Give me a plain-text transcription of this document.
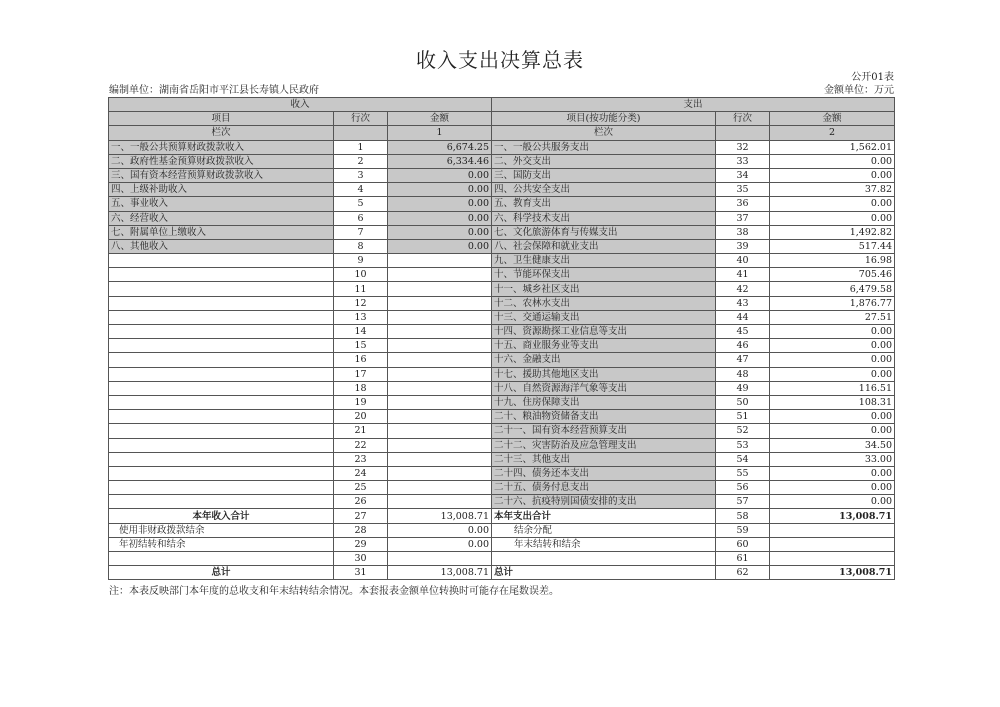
收入支出决算总表
公开01表
编制单位：湖南省岳阳市平江县长寿镇人民政府	金额单位：万元
收入			支出		
项目	行次	金额	项目(按功能分类)	行次	金额
栏次		1	栏次		2
一、一般公共预算财政拨款收入	1	6,674.25	一、一般公共服务支出	32	1,562.01
二、政府性基金预算财政拨款收入	2	6,334.46	二、外交支出	33	0.00
三、国有资本经营预算财政拨款收入	3	0.00	三、国防支出	34	0.00
四、上级补助收入	4	0.00	四、公共安全支出	35	37.82
五、事业收入	5	0.00	五、教育支出	36	0.00
六、经营收入	6	0.00	六、科学技术支出	37	0.00
七、附属单位上缴收入	7	0.00	七、文化旅游体育与传媒支出	38	1,492.82
八、其他收入	8	0.00	八、社会保障和就业支出	39	517.44
	9		九、卫生健康支出	40	16.98
	10		十、节能环保支出	41	705.46
	11		十一、城乡社区支出	42	6,479.58
	12		十二、农林水支出	43	1,876.77
	13		十三、交通运输支出	44	27.51
	14		十四、资源勘探工业信息等支出	45	0.00
	15		十五、商业服务业等支出	46	0.00
	16		十六、金融支出	47	0.00
	17		十七、援助其他地区支出	48	0.00
	18		十八、自然资源海洋气象等支出	49	116.51
	19		十九、住房保障支出	50	108.31
	20		二十、粮油物资储备支出	51	0.00
	21		二十一、国有资本经营预算支出	52	0.00
	22		二十二、灾害防治及应急管理支出	53	34.50
	23		二十三、其他支出	54	33.00
	24		二十四、债务还本支出	55	0.00
	25		二十五、债务付息支出	56	0.00
	26		二十六、抗疫特别国债安排的支出	57	0.00
本年收入合计	27	13,008.71	本年支出合计	58	13,008.71
使用非财政拨款结余	28	0.00	结余分配	59	
年初结转和结余	29	0.00	年末结转和结余	60	
	30			61	
总计	31	13,008.71	总计	62	13,008.71
注：本表反映部门本年度的总收支和年末结转结余情况。本套报表金额单位转换时可能存在尾数误差。
